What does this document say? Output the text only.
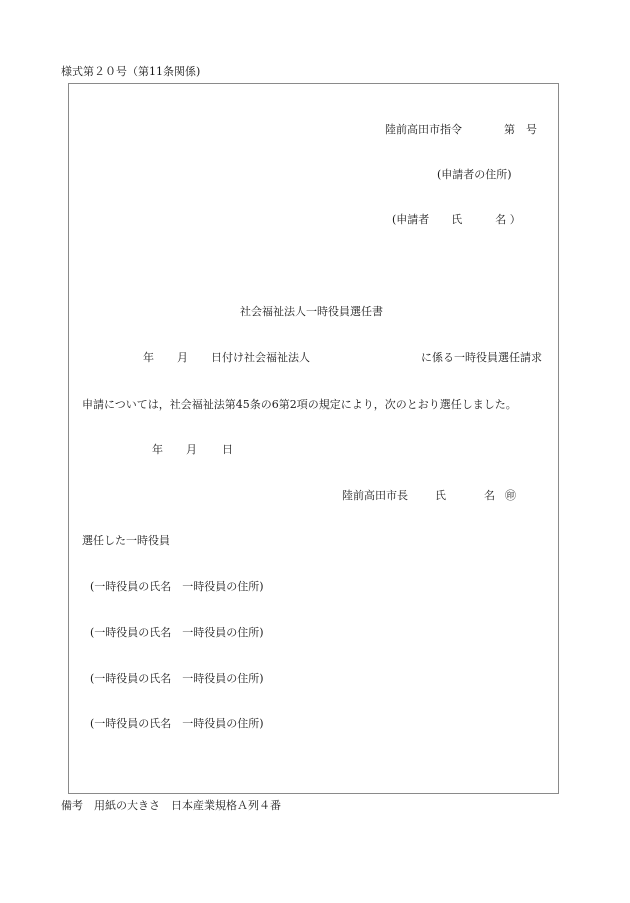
様式第２０号（第11条関係)
陸前高田市指令	第　号
(申請者の住所)
(申請者　　氏　　　名 ）
社会福祉法人一時役員選任書
年 月 日付け社会福祉法人	に係る一時役員選任請求
申請については，社会福祉法第45条の6第2項の規定により，次のとおり選任しました。
年 月 日
陸前高田市長 氏	名 ㊞
選任した一時役員
(一時役員の氏名　一時役員の住所)
(一時役員の氏名　一時役員の住所)
(一時役員の氏名　一時役員の住所)
(一時役員の氏名　一時役員の住所)
備考　用紙の大きさ　日本産業規格Ａ列４番
